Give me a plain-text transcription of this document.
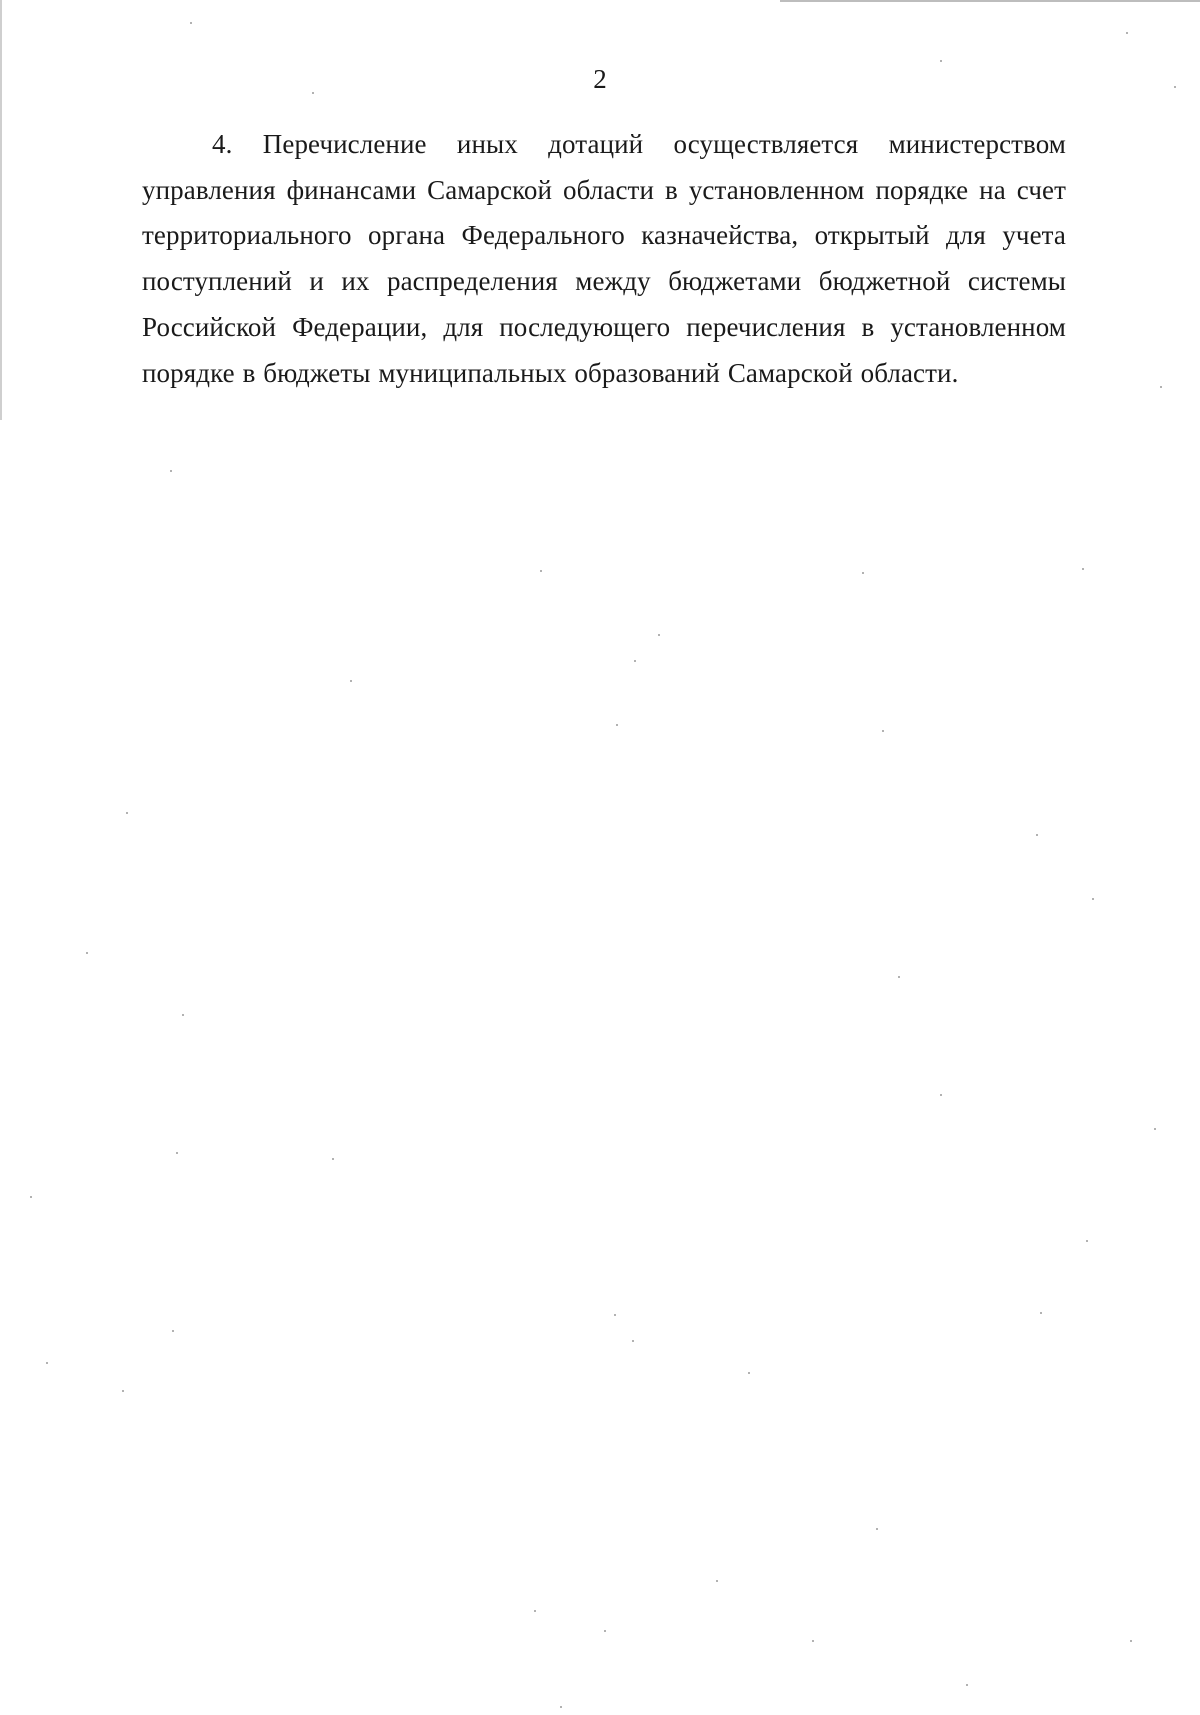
2

4. Перечисление иных дотаций осуществляется министерством управления финансами Самарской области в установленном порядке на счет территориального органа Федерального казначейства, открытый для учета поступлений и их распределения между бюджетами бюджетной системы Российской Федерации, для последующего перечисления в установленном порядке в бюджеты муниципальных образований Самарской области.
